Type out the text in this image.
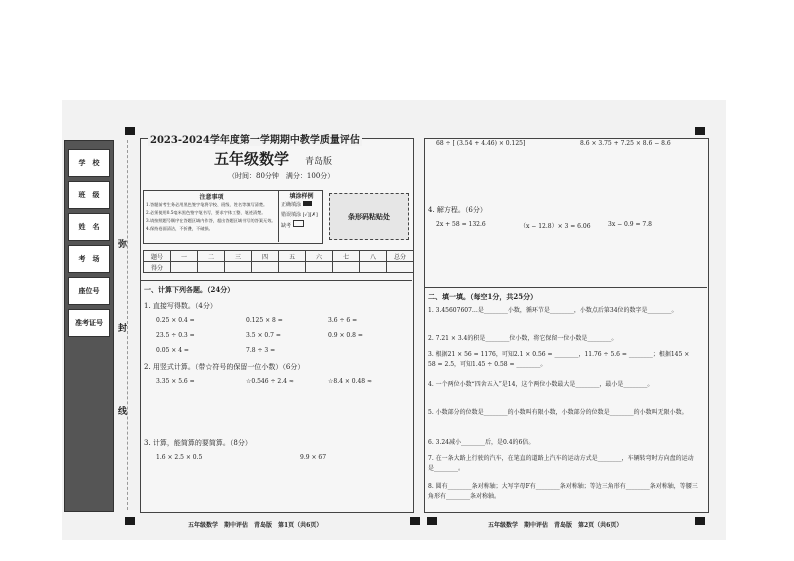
学　校
班　级
姓　名
考　场
座位号
准考证号
弥
封
线
2023-2024学年度第一学期期中教学质量评估
五年级数学 青岛版
（时间：80分钟　满分：100分）
注意事项
1.答题前考生务必用黑色签字笔将学校、班级、姓名等填写清楚。
2.必须使用0.5毫米黑色签字笔书写，要求字体工整、笔迹清楚。
3.请按照题号顺序在答题区域内作答，超出答题区域书写的答案无效。
4.保持卷面清洁，不折叠，不破损。
填涂样例
正确填涂
错误填涂 [✓][✗]
缺考
条形码粘贴处
题号	一	二	三	四	五	六	七	八	总分
得分									
一、计算下列各题。（24分）
1. 直接写得数。（4分）
0.25 × 0.4 =	0.125 × 8 =	3.6 ÷ 6 =
23.5 ÷ 0.3 =	3.5 × 0.7 =	0.9 × 0.8 =
0.05 × 4 =	7.8 ÷ 3 =
2. 用竖式计算。（带☆符号的保留一位小数）（6分）
3.35 × 5.6 =	☆0.546 ÷ 2.4 ≈	☆8.4 × 0.48 ≈
3. 计算，能简算的要简算。（8分）
1.6 × 2.5 × 0.5	9.9 × 67
68 ÷ [ (3.54 + 4.46) × 0.125]	8.6 × 3.75 + 7.25 × 8.6 − 8.6
4. 解方程。（6分）
2x + 58 = 132.6	（x − 12.8）× 3 = 6.06	3x − 0.9 = 7.8
二、填一填。（每空1分，共25分）
1. 3.45607607…是________小数，循环节是________，小数点后第34位的数字是________。
2. 7.21 × 3.4的积是________位小数，将它保留一位小数是________。
3. 根据21 × 56 = 1176，可知2.1 × 0.56 = ________，11.76 ÷ 5.6 = ________；根据145 × 58 = 2.5，可知1.45 ÷ 0.58 = ________。
4. 一个两位小数“四舍五入”是14，这个两位小数最大是________，最小是________。
5. 小数部分的位数是________的小数叫有限小数，小数部分的位数是________的小数叫无限小数。
6. 3.24减小________后，是0.4的6倍。
7. 在一条大路上行驶的汽车，在笔直的道路上汽车的运动方式是________，车辆转弯时方向盘的运动是________。
8. 圆有________条对称轴；大写字母F有________条对称轴；等边三角形有________条对称轴，等腰三角形有________条对称轴。
五年级数学　期中评估　青岛版　第1页（共6页）	五年级数学　期中评估　青岛版　第2页（共6页）
